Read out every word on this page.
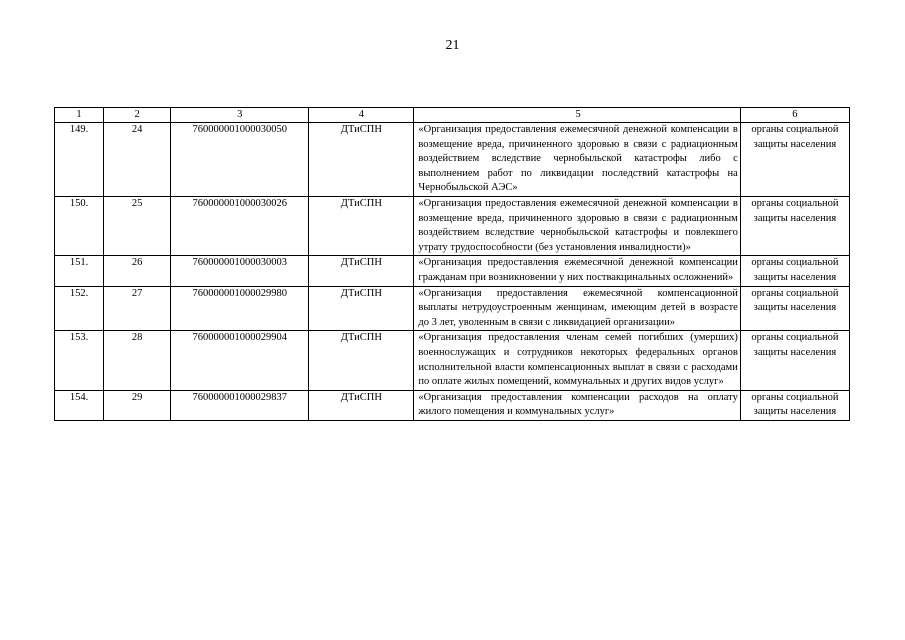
21
1	2	3	4	5	6
149.	24	760000001000030050	ДТиСПН	«Организация предоставления ежемесячной денежной компенсации в возмещение вреда, причиненного здоровью в связи с радиационным воздействием вследствие чернобыльской катастрофы либо с выполнением работ по ликвидации последствий катастрофы на Чернобыльской АЭС»	органы социальной защиты населения
150.	25	760000001000030026	ДТиСПН	«Организация предоставления ежемесячной денежной компенсации в возмещение вреда, причиненного здоровью в связи с радиационным воздействием вследствие чернобыльской катастрофы и повлекшего утрату трудоспособности (без установления инвалидности)»	органы социальной защиты населения
151.	26	760000001000030003	ДТиСПН	«Организация предоставления ежемесячной денежной компенсации гражданам при возникновении у них поствакцинальных осложнений»	органы социальной защиты населения
152.	27	760000001000029980	ДТиСПН	«Организация предоставления ежемесячной компенсационной выплаты нетрудоустроенным женщинам, имеющим детей в возрасте до 3 лет, уволенным в связи с ликвидацией организации»	органы социальной защиты населения
153.	28	760000001000029904	ДТиСПН	«Организация предоставления членам семей погибших (умерших) военнослужащих и сотрудников некоторых федеральных органов исполнительной власти компенсационных выплат в связи с расходами по оплате жилых помещений, коммунальных и других видов услуг»	органы социальной защиты населения
154.	29	760000001000029837	ДТиСПН	«Организация предоставления компенсации расходов на оплату жилого помещения и коммунальных услуг»	органы социальной защиты населения
